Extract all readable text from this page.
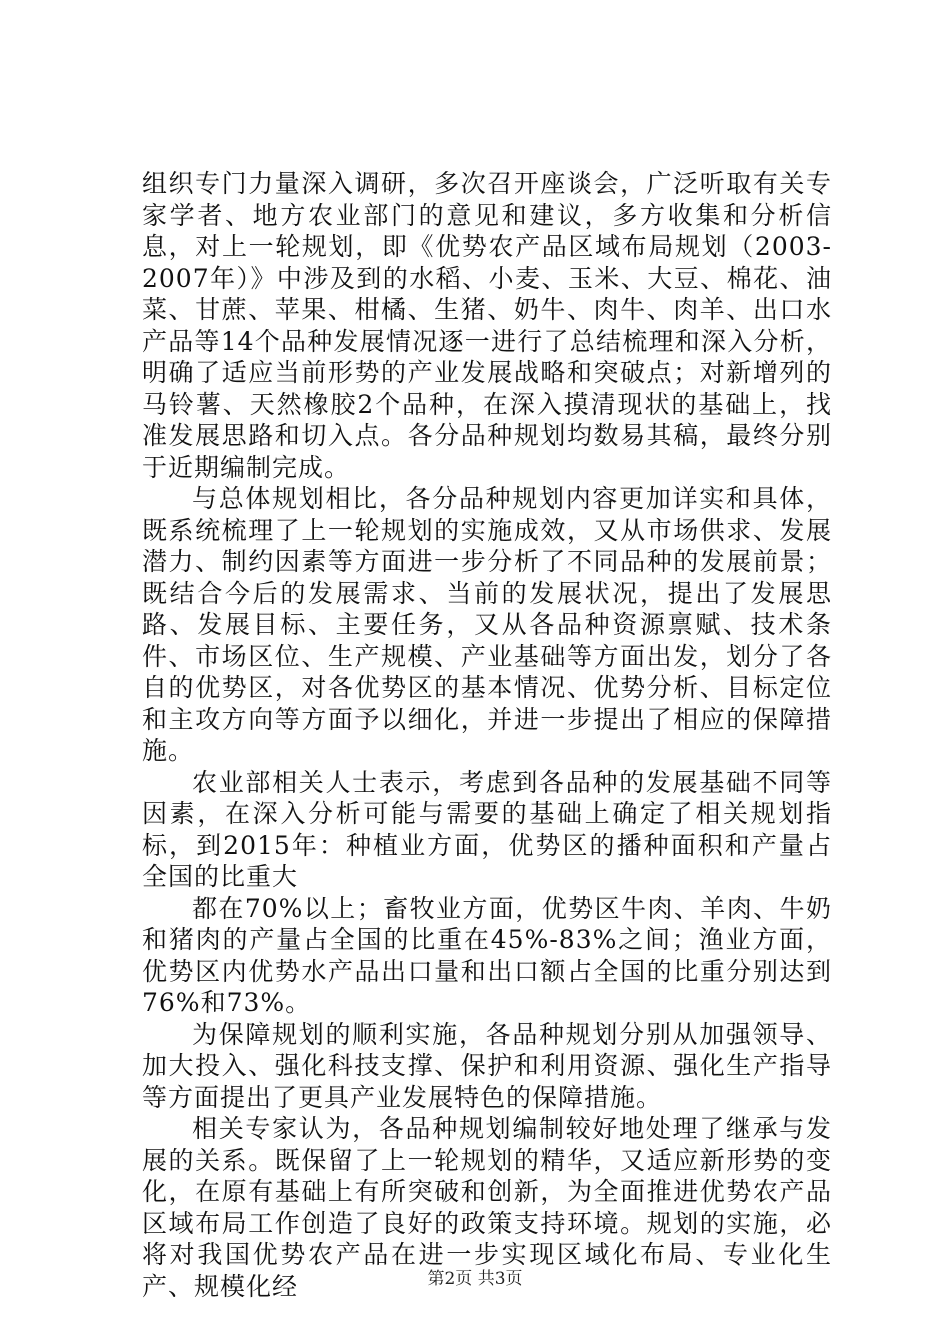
组织专门力量深入调研，多次召开座谈会，广泛听取有关专家学者、地方农业部门的意见和建议，多方收集和分析信息，对上一轮规划，即《优势农产品区域布局规划（2003-2007年）》中涉及到的水稻、小麦、玉米、大豆、棉花、油菜、甘蔗、苹果、柑橘、生猪、奶牛、肉牛、肉羊、出口水产品等14个品种发展情况逐一进行了总结梳理和深入分析，明确了适应当前形势的产业发展战略和突破点；对新增列的马铃薯、天然橡胶2个品种，在深入摸清现状的基础上，找准发展思路和切入点。各分品种规划均数易其稿，最终分别于近期编制完成。

与总体规划相比，各分品种规划内容更加详实和具体，既系统梳理了上一轮规划的实施成效，又从市场供求、发展潜力、制约因素等方面进一步分析了不同品种的发展前景；既结合今后的发展需求、当前的发展状况，提出了发展思路、发展目标、主要任务，又从各品种资源禀赋、技术条件、市场区位、生产规模、产业基础等方面出发，划分了各自的优势区，对各优势区的基本情况、优势分析、目标定位和主攻方向等方面予以细化，并进一步提出了相应的保障措施。

农业部相关人士表示，考虑到各品种的发展基础不同等因素，在深入分析可能与需要的基础上确定了相关规划指标，到2015年：种植业方面，优势区的播种面积和产量占全国的比重大

都在70%以上；畜牧业方面，优势区牛肉、羊肉、牛奶和猪肉的产量占全国的比重在45%-83%之间；渔业方面，优势区内优势水产品出口量和出口额占全国的比重分别达到76%和73%。

为保障规划的顺利实施，各品种规划分别从加强领导、加大投入、强化科技支撑、保护和利用资源、强化生产指导等方面提出了更具产业发展特色的保障措施。

相关专家认为，各品种规划编制较好地处理了继承与发展的关系。既保留了上一轮规划的精华，又适应新形势的变化，在原有基础上有所突破和创新，为全面推进优势农产品区域布局工作创造了良好的政策支持环境。规划的实施，必将对我国优势农产品在进一步实现区域化布局、专业化生产、规模化经	第2页 共3页
